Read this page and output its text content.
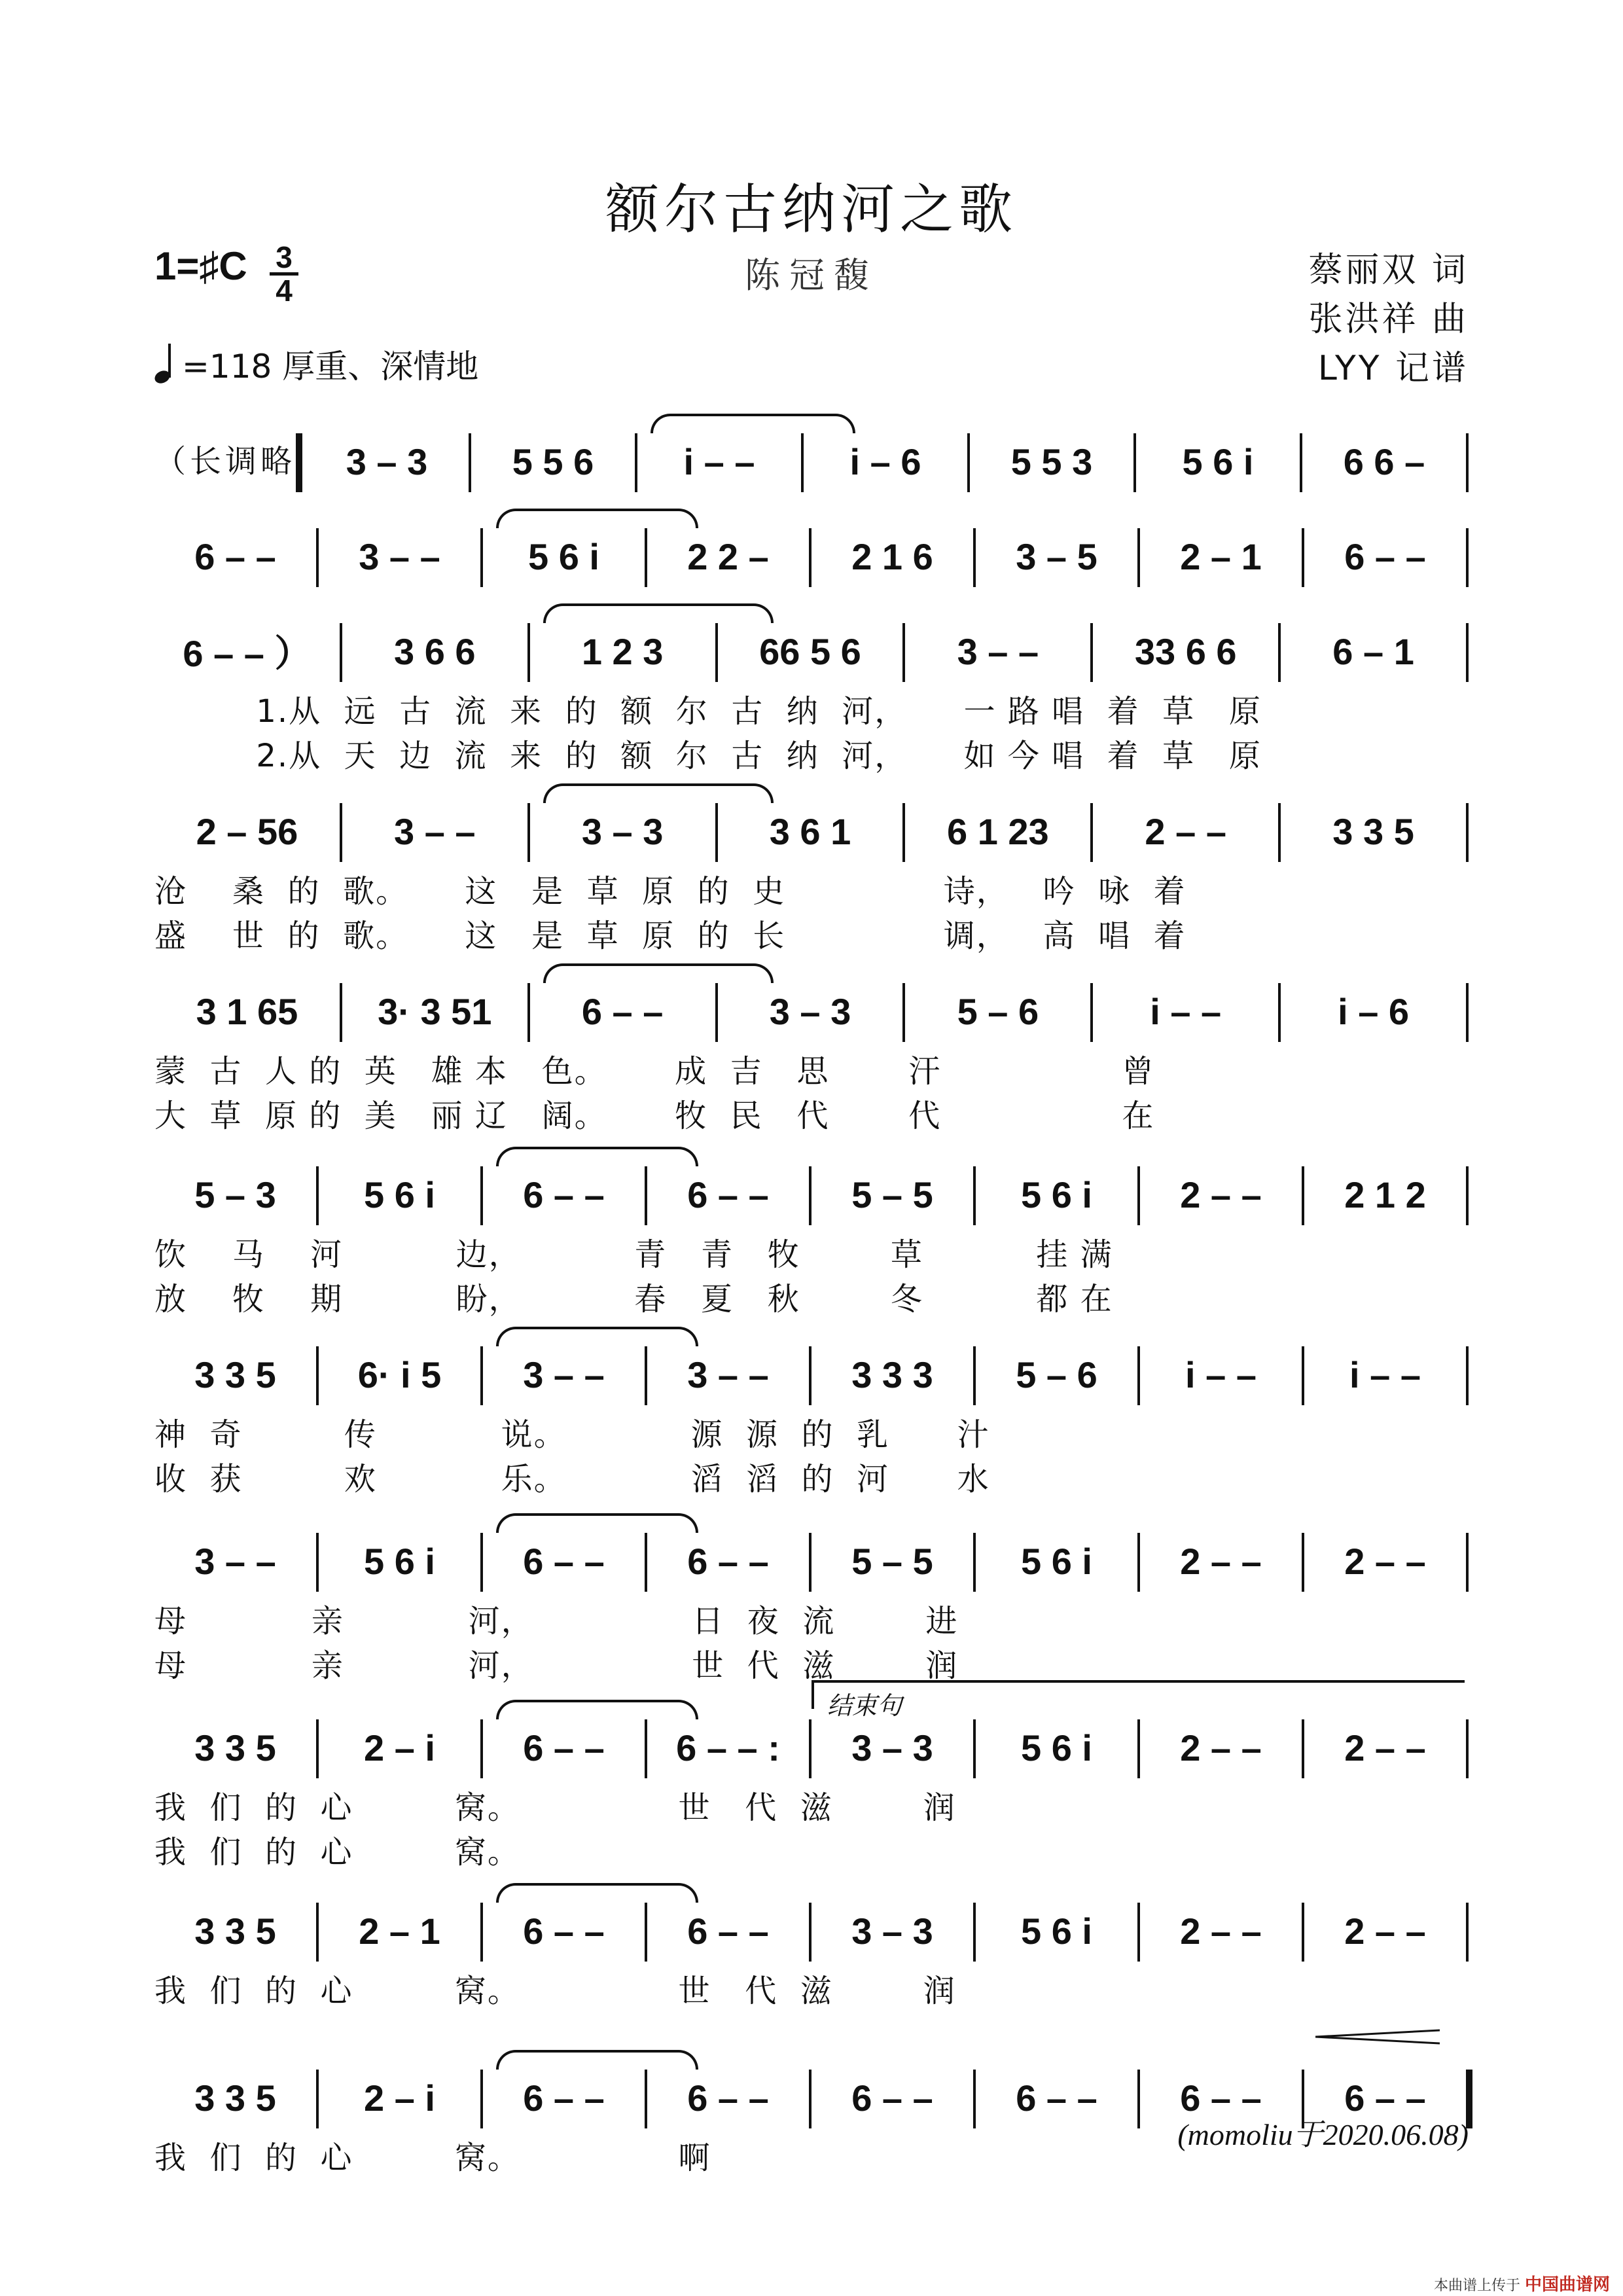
额尔古纳河之歌
陈冠馥
1=♯C 3
4
蔡丽双 词
张洪祥 曲
LYY 记谱
=118 厚重、深情地
（长调略	3 – 3	5 5 6	i – –	i – 6	5 5 3	5 6 i	6 6 –
6 – –	3 – –	5 6 i	2 2 –	2 1 6	3 – 5	2 – 1	6 – –
6 – – ）	3 6 6	1 2 3	66 5 6	3 – –	33 6 6	6 – 1
1.从  远  古  流  来  的  额  尔  古  纳  河，     一 路 唱  着  草   原
2.从  天  边  流  来  的  额  尔  古  纳  河，     如 今 唱  着  草   原
2 – 56	3 – –	3 – 3	3 6 1	6 1 23	2 – –	3 3 5
沧    桑  的  歌。     这   是  草  原  的  史              诗，   吟  咏  着
盛    世  的  歌。     这   是  草  原  的  长              调，   高  唱  着
3 1 65	3· 3 51	6 – –	3 – 3	5 – 6	i – –	i – 6
蒙  古  人 的  英   雄 本   色。      成  吉   思       汗                曾
大  草  原 的  美   丽 辽   阔。      牧  民   代       代                在
5 – 3	5 6 i	6 – –	6 – –	5 – 5	5 6 i	2 – –	2 1 2
饮    马    河          边，          青   青   牧        草          挂 满
放    牧    期          盼，          春   夏   秋        冬          都 在
3 3 5	6· i 5	3 – –	3 – –	3 3 3	5 – 6	i – –	i – –
神  奇         传           说。           源  源  的  乳      汁
收  获         欢           乐。           滔  滔  的  河      水
3 – –	5 6 i	6 – –	6 – –	5 – 5	5 6 i	2 – –	2 – –
母           亲           河，              日  夜  流        进
母           亲           河，              世  代  滋        润
3 3 5	2 – i	6 – –	6 – – :	3 – 3	5 6 i	2 – –	2 – –
结束句
我  们  的  心         窝。              世   代  滋        润
我  们  的  心         窝。
3 3 5	2 – 1	6 – –	6 – –	3 – 3	5 6 i	2 – –	2 – –
我  们  的  心         窝。              世   代  滋        润
3 3 5	2 – i	6 – –	6 – –	6 – –	6 – –	6 – –	6 – –
我  们  的  心         窝。              啊
(momoliu于2020.06.08)
本曲谱上传于 中国曲谱网
